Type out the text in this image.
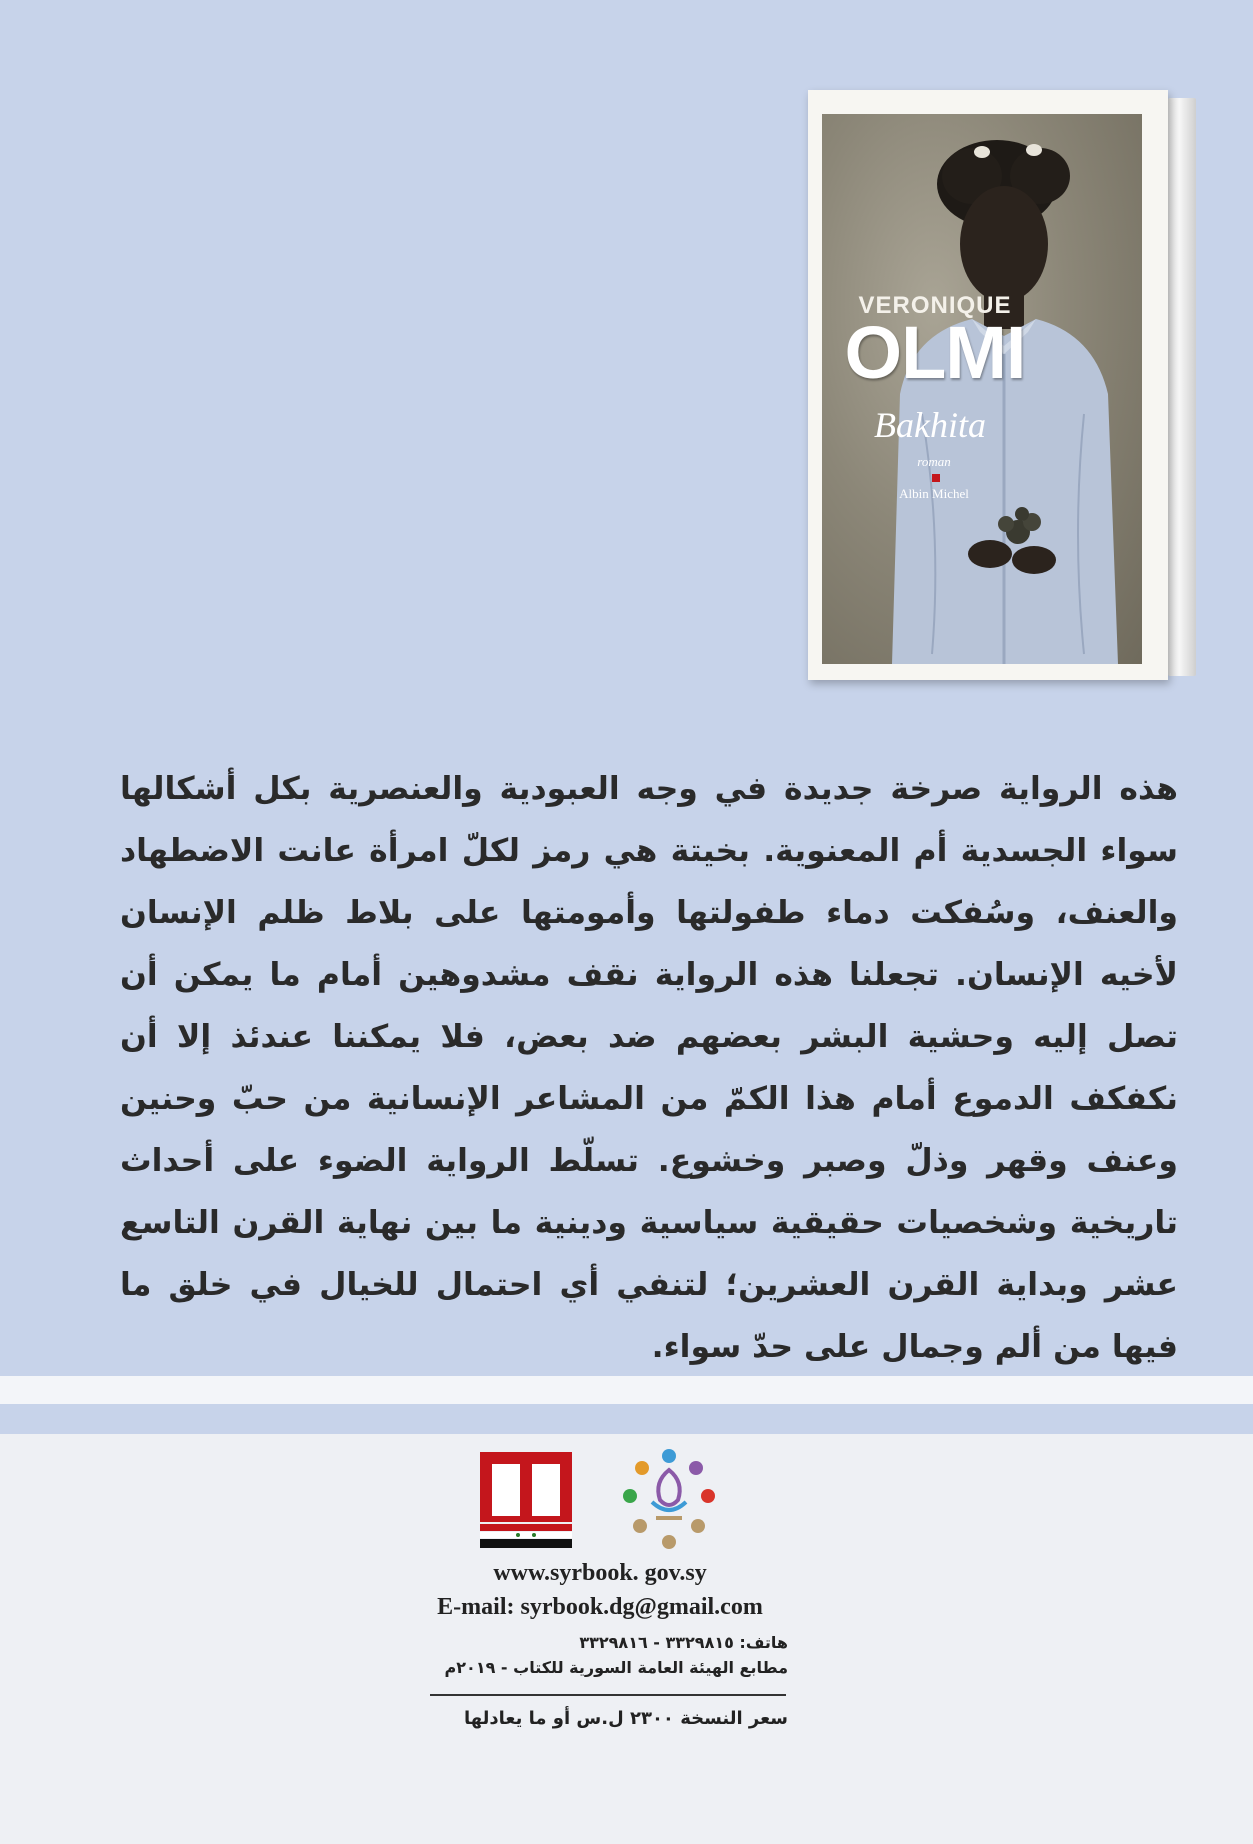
VERONIQUE
OLMI
Bakhita
roman
Albin Michel
هذه الرواية صرخة جديدة في وجه العبودية والعنصرية بكل أشكالها سواء الجسدية أم المعنوية. بخيتة هي رمز لكلّ امرأة عانت الاضطهاد والعنف، وسُفكت دماء طفولتها وأمومتها على بلاط ظلم الإنسان لأخيه الإنسان. تجعلنا هذه الرواية نقف مشدوهين أمام ما يمكن أن تصل إليه وحشية البشر بعضهم ضد بعض، فلا يمكننا عندئذ إلا أن نكفكف الدموع أمام هذا الكمّ من المشاعر الإنسانية من حبّ وحنين وعنف وقهر وذلّ وصبر وخشوع. تسلّط الرواية الضوء على أحداث تاريخية وشخصيات حقيقية سياسية ودينية ما بين نهاية القرن التاسع عشر وبداية القرن العشرين؛ لتنفي أي احتمال للخيال في خلق ما فيها من ألم وجمال على حدّ سواء.
www.syrbook. gov.sy
E-mail: syrbook.dg@gmail.com
هاتف: ٣٣٢٩٨١٥ - ٣٣٢٩٨١٦
مطابع الهيئة العامة السورية للكتاب - ٢٠١٩م
سعر النسخة ٢٣٠٠ ل.س أو ما يعادلها
